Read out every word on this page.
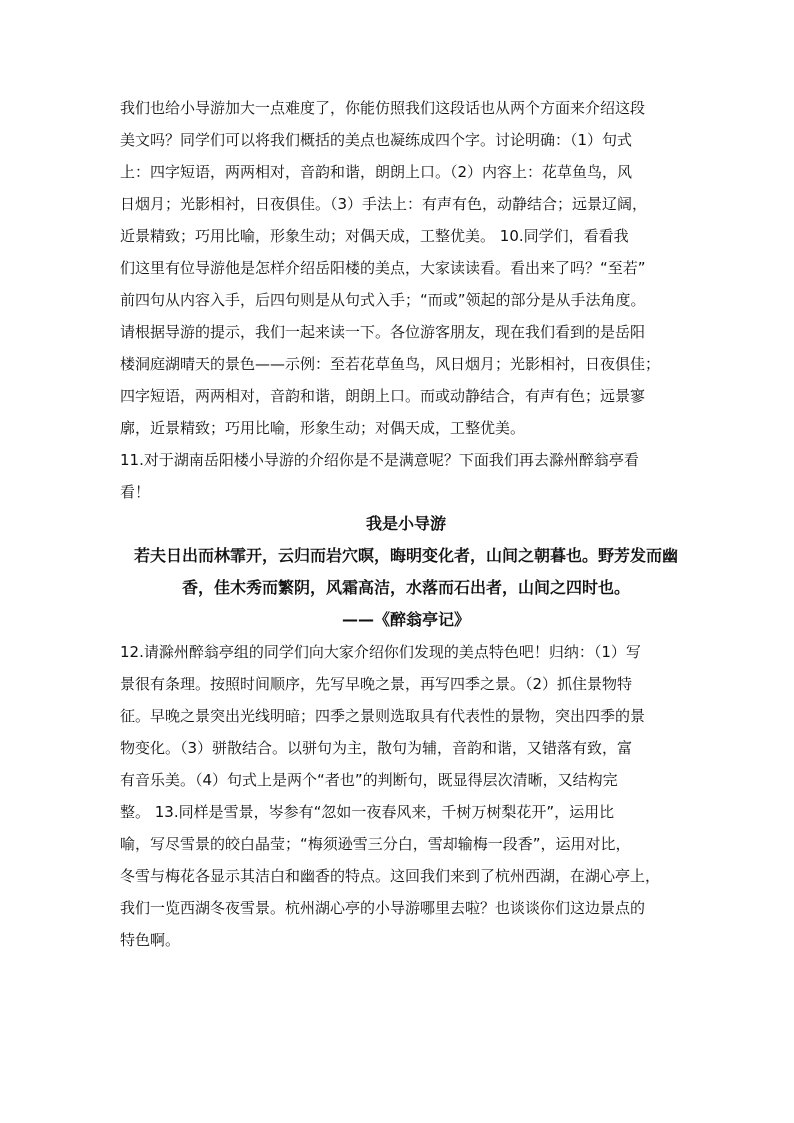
我们也给小导游加大一点难度了，你能仿照我们这段话也从两个方面来介绍这段
美文吗？同学们可以将我们概括的美点也凝练成四个字。讨论明确：（1）句式
上：四字短语，两两相对，音韵和谐，朗朗上口。（2）内容上：花草鱼鸟，风
日烟月；光影相衬，日夜俱佳。（3）手法上：有声有色，动静结合；远景辽阔，
近景精致；巧用比喻，形象生动；对偶天成，工整优美。 10.同学们，看看我
们这里有位导游他是怎样介绍岳阳楼的美点，大家读读看。看出来了吗？“至若”
前四句从内容入手，后四句则是从句式入手；“而或”领起的部分是从手法角度。
请根据导游的提示，我们一起来读一下。各位游客朋友，现在我们看到的是岳阳
楼洞庭湖晴天的景色——示例：至若花草鱼鸟，风日烟月；光影相衬，日夜俱佳；
四字短语，两两相对，音韵和谐，朗朗上口。而或动静结合，有声有色；远景寥
廓，近景精致；巧用比喻，形象生动；对偶天成，工整优美。
11.对于湖南岳阳楼小导游的介绍你是不是满意呢？下面我们再去滁州醉翁亭看
看！
我是小导游
若夫日出而林霏开，云归而岩穴暝，晦明变化者，山间之朝暮也。野芳发而幽
香，佳木秀而繁阴，风霜高洁，水落而石出者，山间之四时也。
——《醉翁亭记》
12.请滁州醉翁亭组的同学们向大家介绍你们发现的美点特色吧！归纳：（1）写
景很有条理。按照时间顺序，先写早晚之景，再写四季之景。（2）抓住景物特
征。早晚之景突出光线明暗；四季之景则选取具有代表性的景物，突出四季的景
物变化。（3）骈散结合。以骈句为主，散句为辅，音韵和谐，又错落有致，富
有音乐美。（4）句式上是两个“者也”的判断句，既显得层次清晰，又结构完
整。 13.同样是雪景，岑参有“忽如一夜春风来，千树万树梨花开”，运用比
喻，写尽雪景的皎白晶莹；“梅须逊雪三分白，雪却输梅一段香”，运用对比，
冬雪与梅花各显示其洁白和幽香的特点。这回我们来到了杭州西湖，在湖心亭上，
我们一览西湖冬夜雪景。杭州湖心亭的小导游哪里去啦？也谈谈你们这边景点的
特色啊。
